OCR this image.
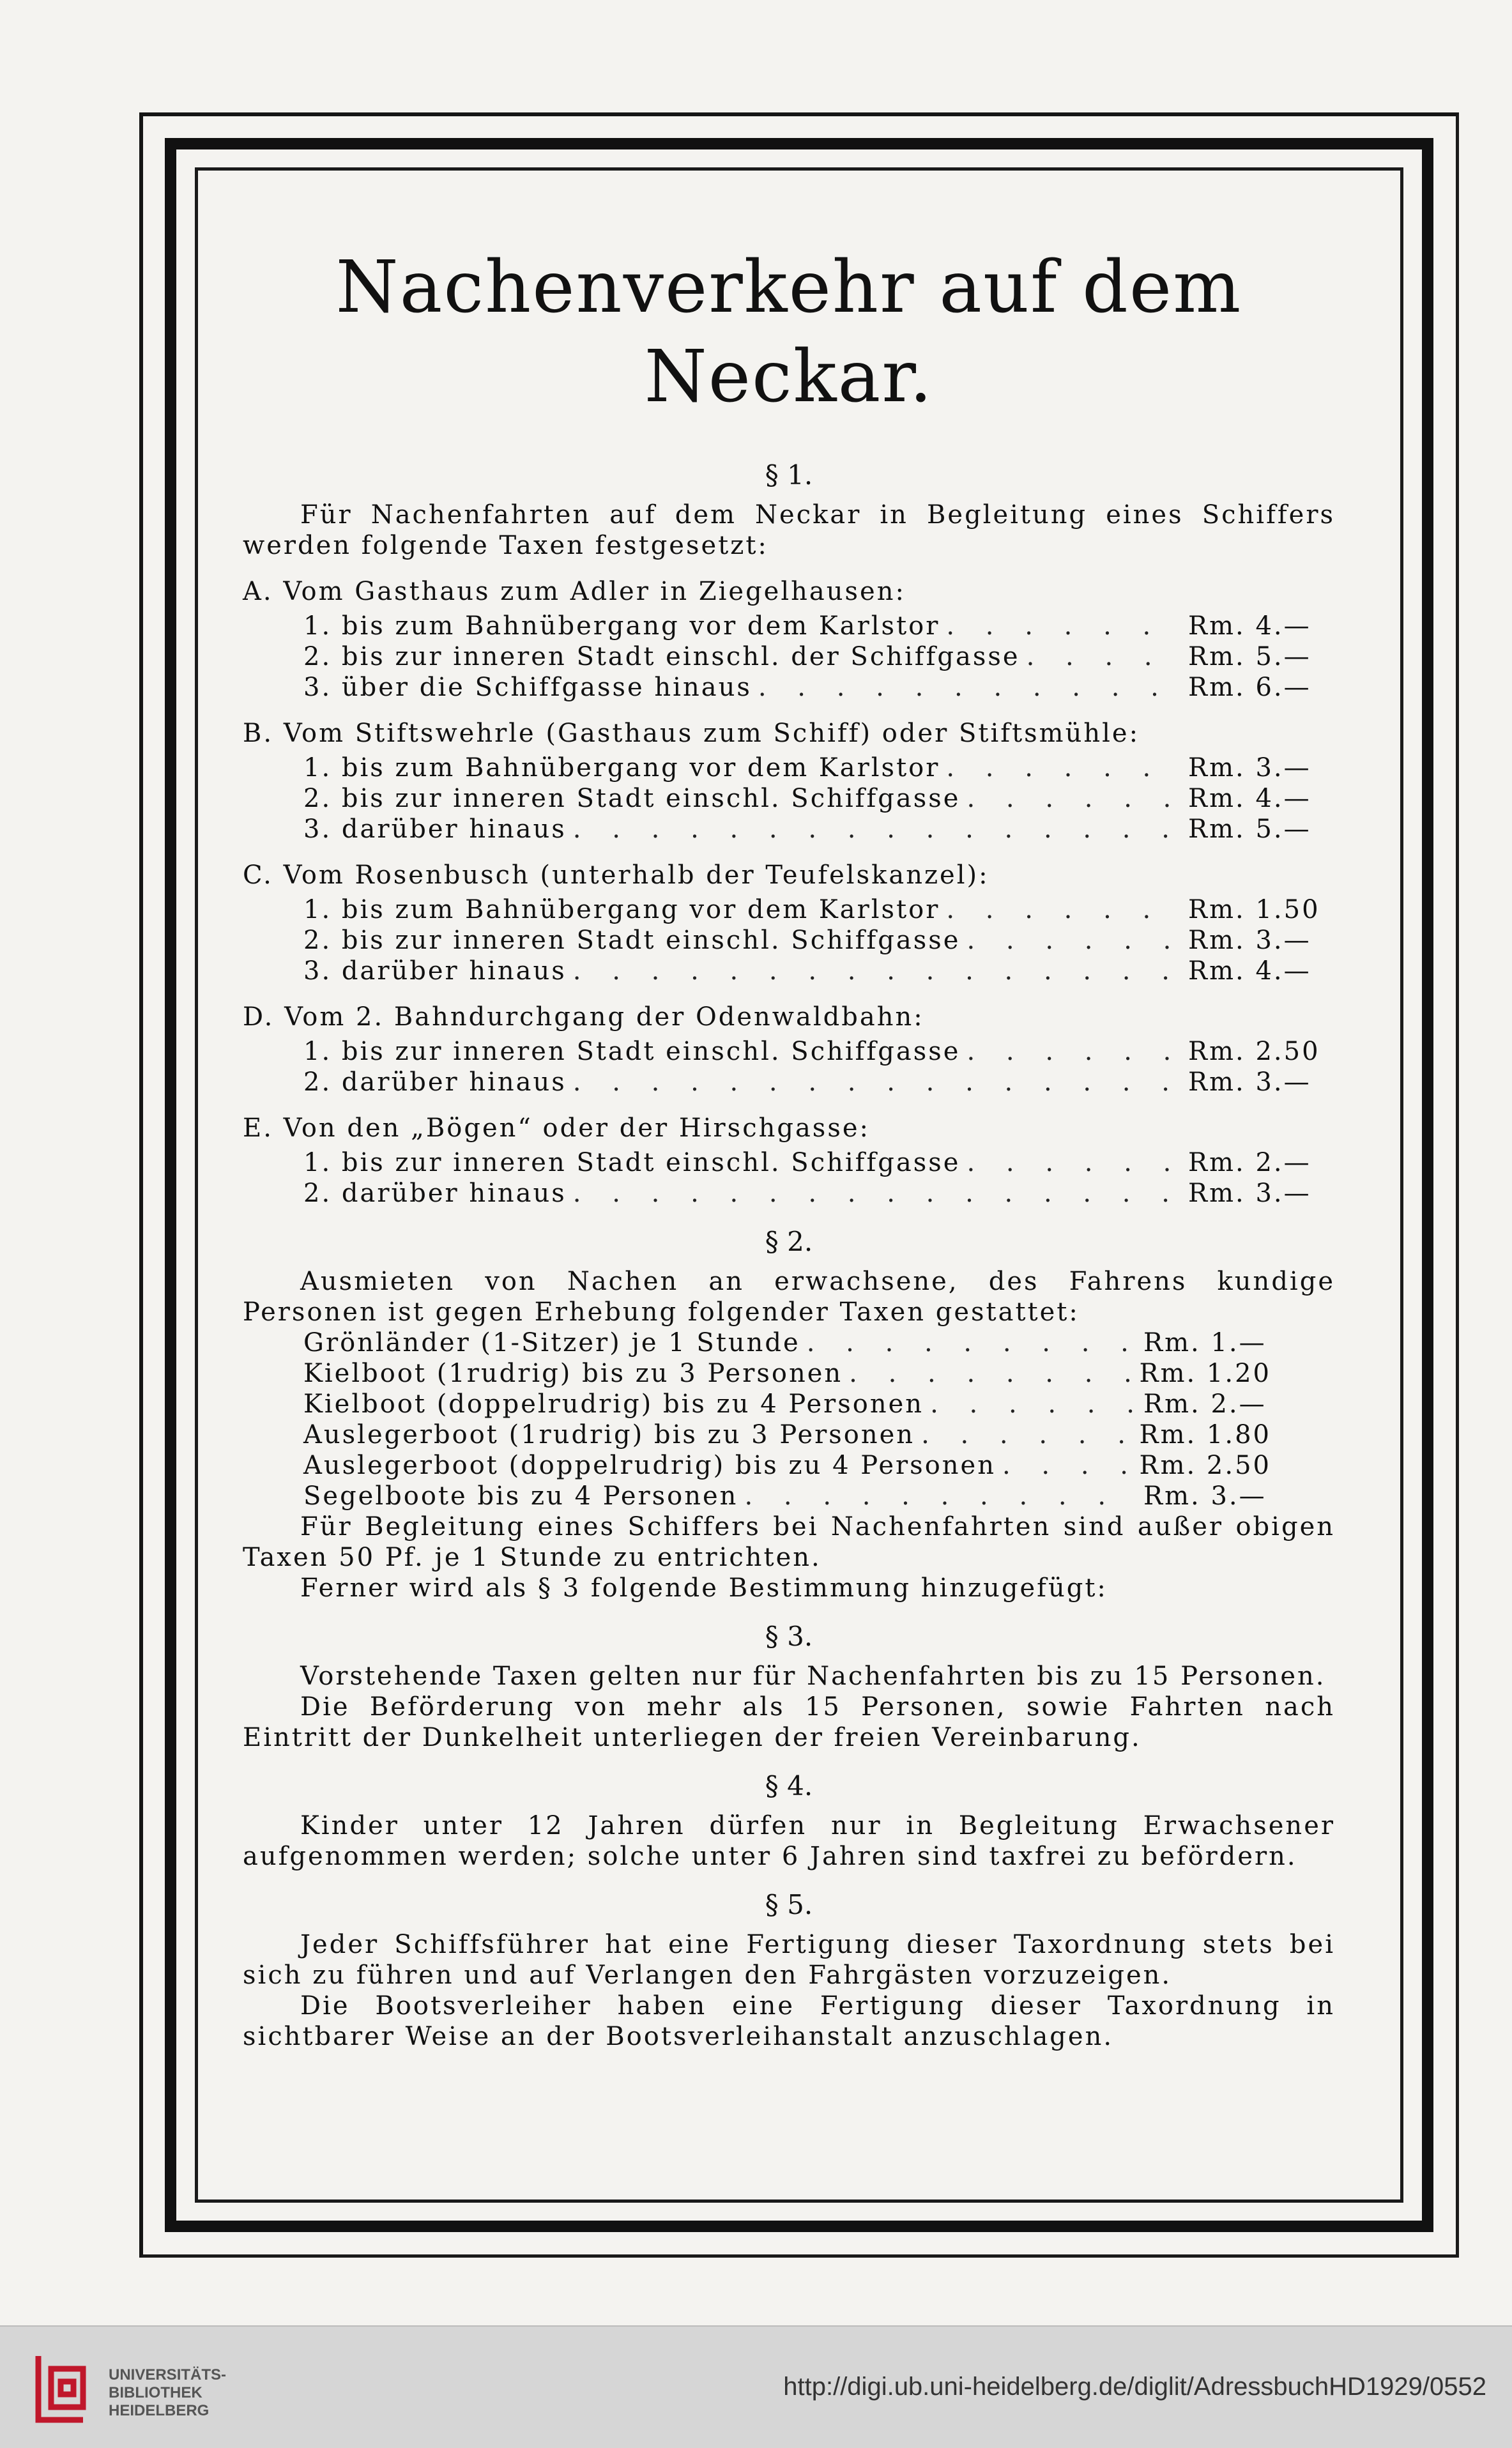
Nachenverkehr auf dem Neckar.
§ 1.

Für Nachenfahrten auf dem Neckar in Begleitung eines Schiffers werden folgende Taxen festgesetzt:

A. Vom Gasthaus zum Adler in Ziegelhausen:
1. bis zum Bahnübergang vor dem Karlstor . . .	Rm. 4.—
2. bis zur inneren Stadt einschl. der Schiffgasse . . .	Rm. 5.—
3. über die Schiffgasse hinaus . . .	Rm. 6.—
B. Vom Stiftswehrle (Gasthaus zum Schiff) oder Stiftsmühle:
1. bis zum Bahnübergang vor dem Karlstor . . .	Rm. 3.—
2. bis zur inneren Stadt einschl. Schiffgasse . . .	Rm. 4.—
3. darüber hinaus . . .	Rm. 5.—
C. Vom Rosenbusch (unterhalb der Teufelskanzel):
1. bis zum Bahnübergang vor dem Karlstor . . .	Rm. 1.50
2. bis zur inneren Stadt einschl. Schiffgasse . . .	Rm. 3.—
3. darüber hinaus . . .	Rm. 4.—
D. Vom 2. Bahndurchgang der Odenwaldbahn:
1. bis zur inneren Stadt einschl. Schiffgasse . . .	Rm. 2.50
2. darüber hinaus . . .	Rm. 3.—
E. Von den „Bögen“ oder der Hirschgasse:
1. bis zur inneren Stadt einschl. Schiffgasse . . .	Rm. 2.—
2. darüber hinaus . . .	Rm. 3.—
§ 2.

Ausmieten von Nachen an erwachsene, des Fahrens kundige Personen ist gegen Erhebung folgender Taxen gestattet:

Grönländer (1-Sitzer) je 1 Stunde . . .	Rm. 1.—
Kielboot (1rudrig) bis zu 3 Personen . . .	Rm. 1.20
Kielboot (doppelrudrig) bis zu 4 Personen . . .	Rm. 2.—
Auslegerboot (1rudrig) bis zu 3 Personen . . .	Rm. 1.80
Auslegerboot (doppelrudrig) bis zu 4 Personen . . .	Rm. 2.50
Segelboote bis zu 4 Personen . . .	Rm. 3.—

Für Begleitung eines Schiffers bei Nachenfahrten sind außer obigen Taxen 50 Pf. je 1 Stunde zu entrichten.

Ferner wird als § 3 folgende Bestimmung hinzugefügt:

§ 3.

Vorstehende Taxen gelten nur für Nachenfahrten bis zu 15 Personen.

Die Beförderung von mehr als 15 Personen, sowie Fahrten nach Eintritt der Dunkelheit unterliegen der freien Vereinbarung.

§ 4.

Kinder unter 12 Jahren dürfen nur in Begleitung Erwachsener aufgenommen werden; solche unter 6 Jahren sind taxfrei zu befördern.

§ 5.

Jeder Schiffsführer hat eine Fertigung dieser Taxordnung stets bei sich zu führen und auf Verlangen den Fahrgästen vorzuzeigen.

Die Bootsverleiher haben eine Fertigung dieser Taxordnung in sichtbarer Weise an der Bootsverleihanstalt anzuschlagen.

UNIVERSITÄTS-
BIBLIOTHEK
HEIDELBERG
http://digi.ub.uni-heidelberg.de/diglit/AdressbuchHD1929/0552
